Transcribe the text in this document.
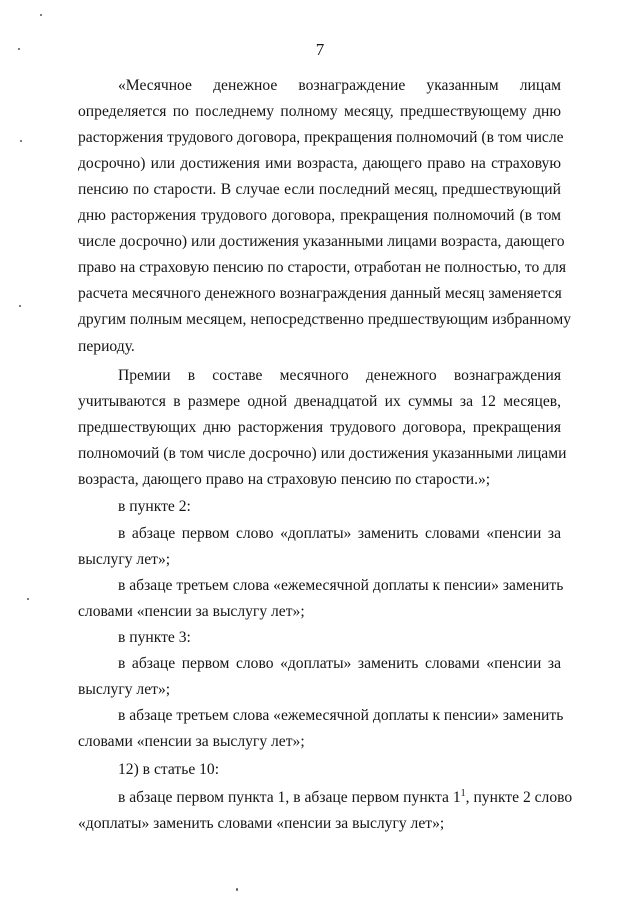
7
«Месячное денежное вознаграждение указанным лицам
определяется по последнему полному месяцу, предшествующему дню
расторжения трудового договора, прекращения полномочий (в том числе
досрочно) или достижения ими возраста, дающего право на страховую
пенсию по старости. В случае если последний месяц, предшествующий
дню расторжения трудового договора, прекращения полномочий (в том
числе досрочно) или достижения указанными лицами возраста, дающего
право на страховую пенсию по старости, отработан не полностью, то для
расчета месячного денежного вознаграждения данный месяц заменяется
другим полным месяцем, непосредственно предшествующим избранному
периоду.
Премии в составе месячного денежного вознаграждения
учитываются в размере одной двенадцатой их суммы за 12 месяцев,
предшествующих дню расторжения трудового договора, прекращения
полномочий (в том числе досрочно) или достижения указанными лицами
возраста, дающего право на страховую пенсию по старости.»;
в пункте 2:
в абзаце первом слово «доплаты» заменить словами «пенсии за
выслугу лет»;
в абзаце третьем слова «ежемесячной доплаты к пенсии» заменить
словами «пенсии за выслугу лет»;
в пункте 3:
в абзаце первом слово «доплаты» заменить словами «пенсии за
выслугу лет»;
в абзаце третьем слова «ежемесячной доплаты к пенсии» заменить
словами «пенсии за выслугу лет»;
12) в статье 10:
в абзаце первом пункта 1, в абзаце первом пункта $1^1$, пункте 2 слово
«доплаты» заменить словами «пенсии за выслугу лет»;
